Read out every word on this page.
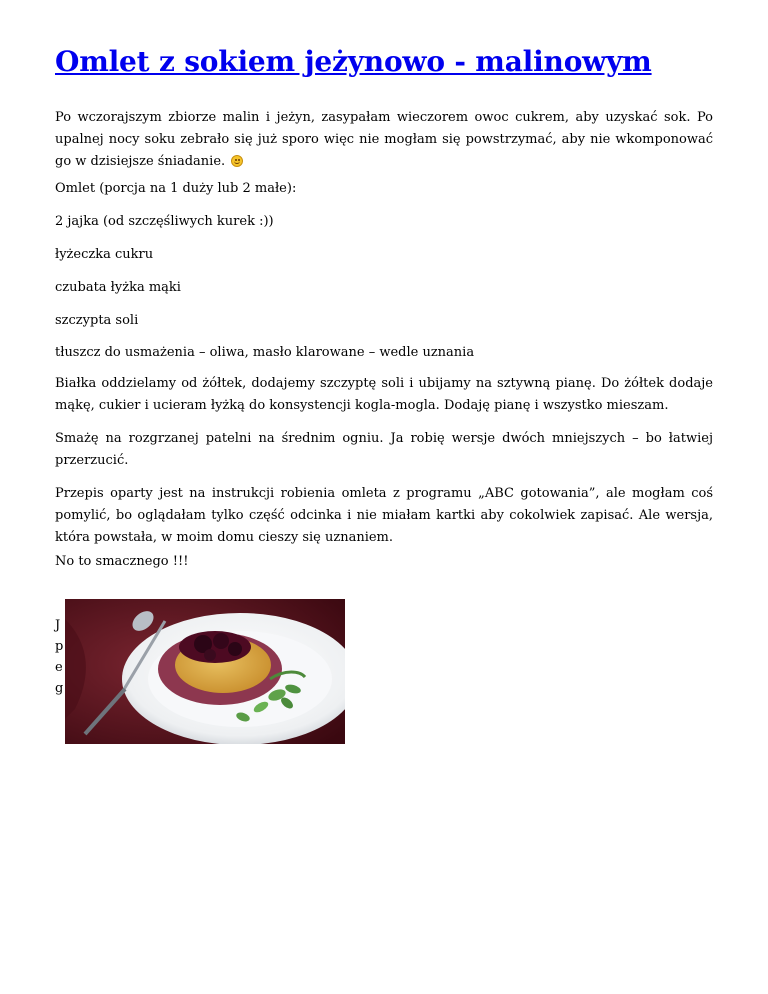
Omlet z sokiem jeżynowo - malinowym

Po wczorajszym zbiorze malin i jeżyn, zasypałam wieczorem owoc cukrem, aby uzyskać sok. Po upalnej nocy soku zebrało się już sporo więc nie mogłam się powstrzymać, aby nie wkomponować go w dzisiejsze śniadanie.

Omlet (porcja na 1 duży lub 2 małe):

2 jajka (od szczęśliwych kurek :))

łyżeczka cukru

czubata łyżka mąki

szczypta soli

tłuszcz do usmażenia – oliwa, masło klarowane – wedle uznania

Białka oddzielamy od żółtek, dodajemy szczyptę soli i ubijamy na sztywną pianę. Do żółtek dodaje mąkę, cukier i ucieram łyżką do konsystencji kogla-mogla. Dodaję pianę i wszystko mieszam.

Smażę na rozgrzanej patelni na średnim ogniu. Ja robię wersje dwóch mniejszych – bo łatwiej przerzucić.

Przepis oparty jest na instrukcji robienia omleta z programu „ABC gotowania”, ale mogłam coś pomylić, bo oglądałam tylko część odcinka i nie miałam kartki aby cokolwiek zapisać. Ale wersja, która powstała, w moim domu cieszy się uznaniem.

No to smacznego !!!

J
p
e
g
